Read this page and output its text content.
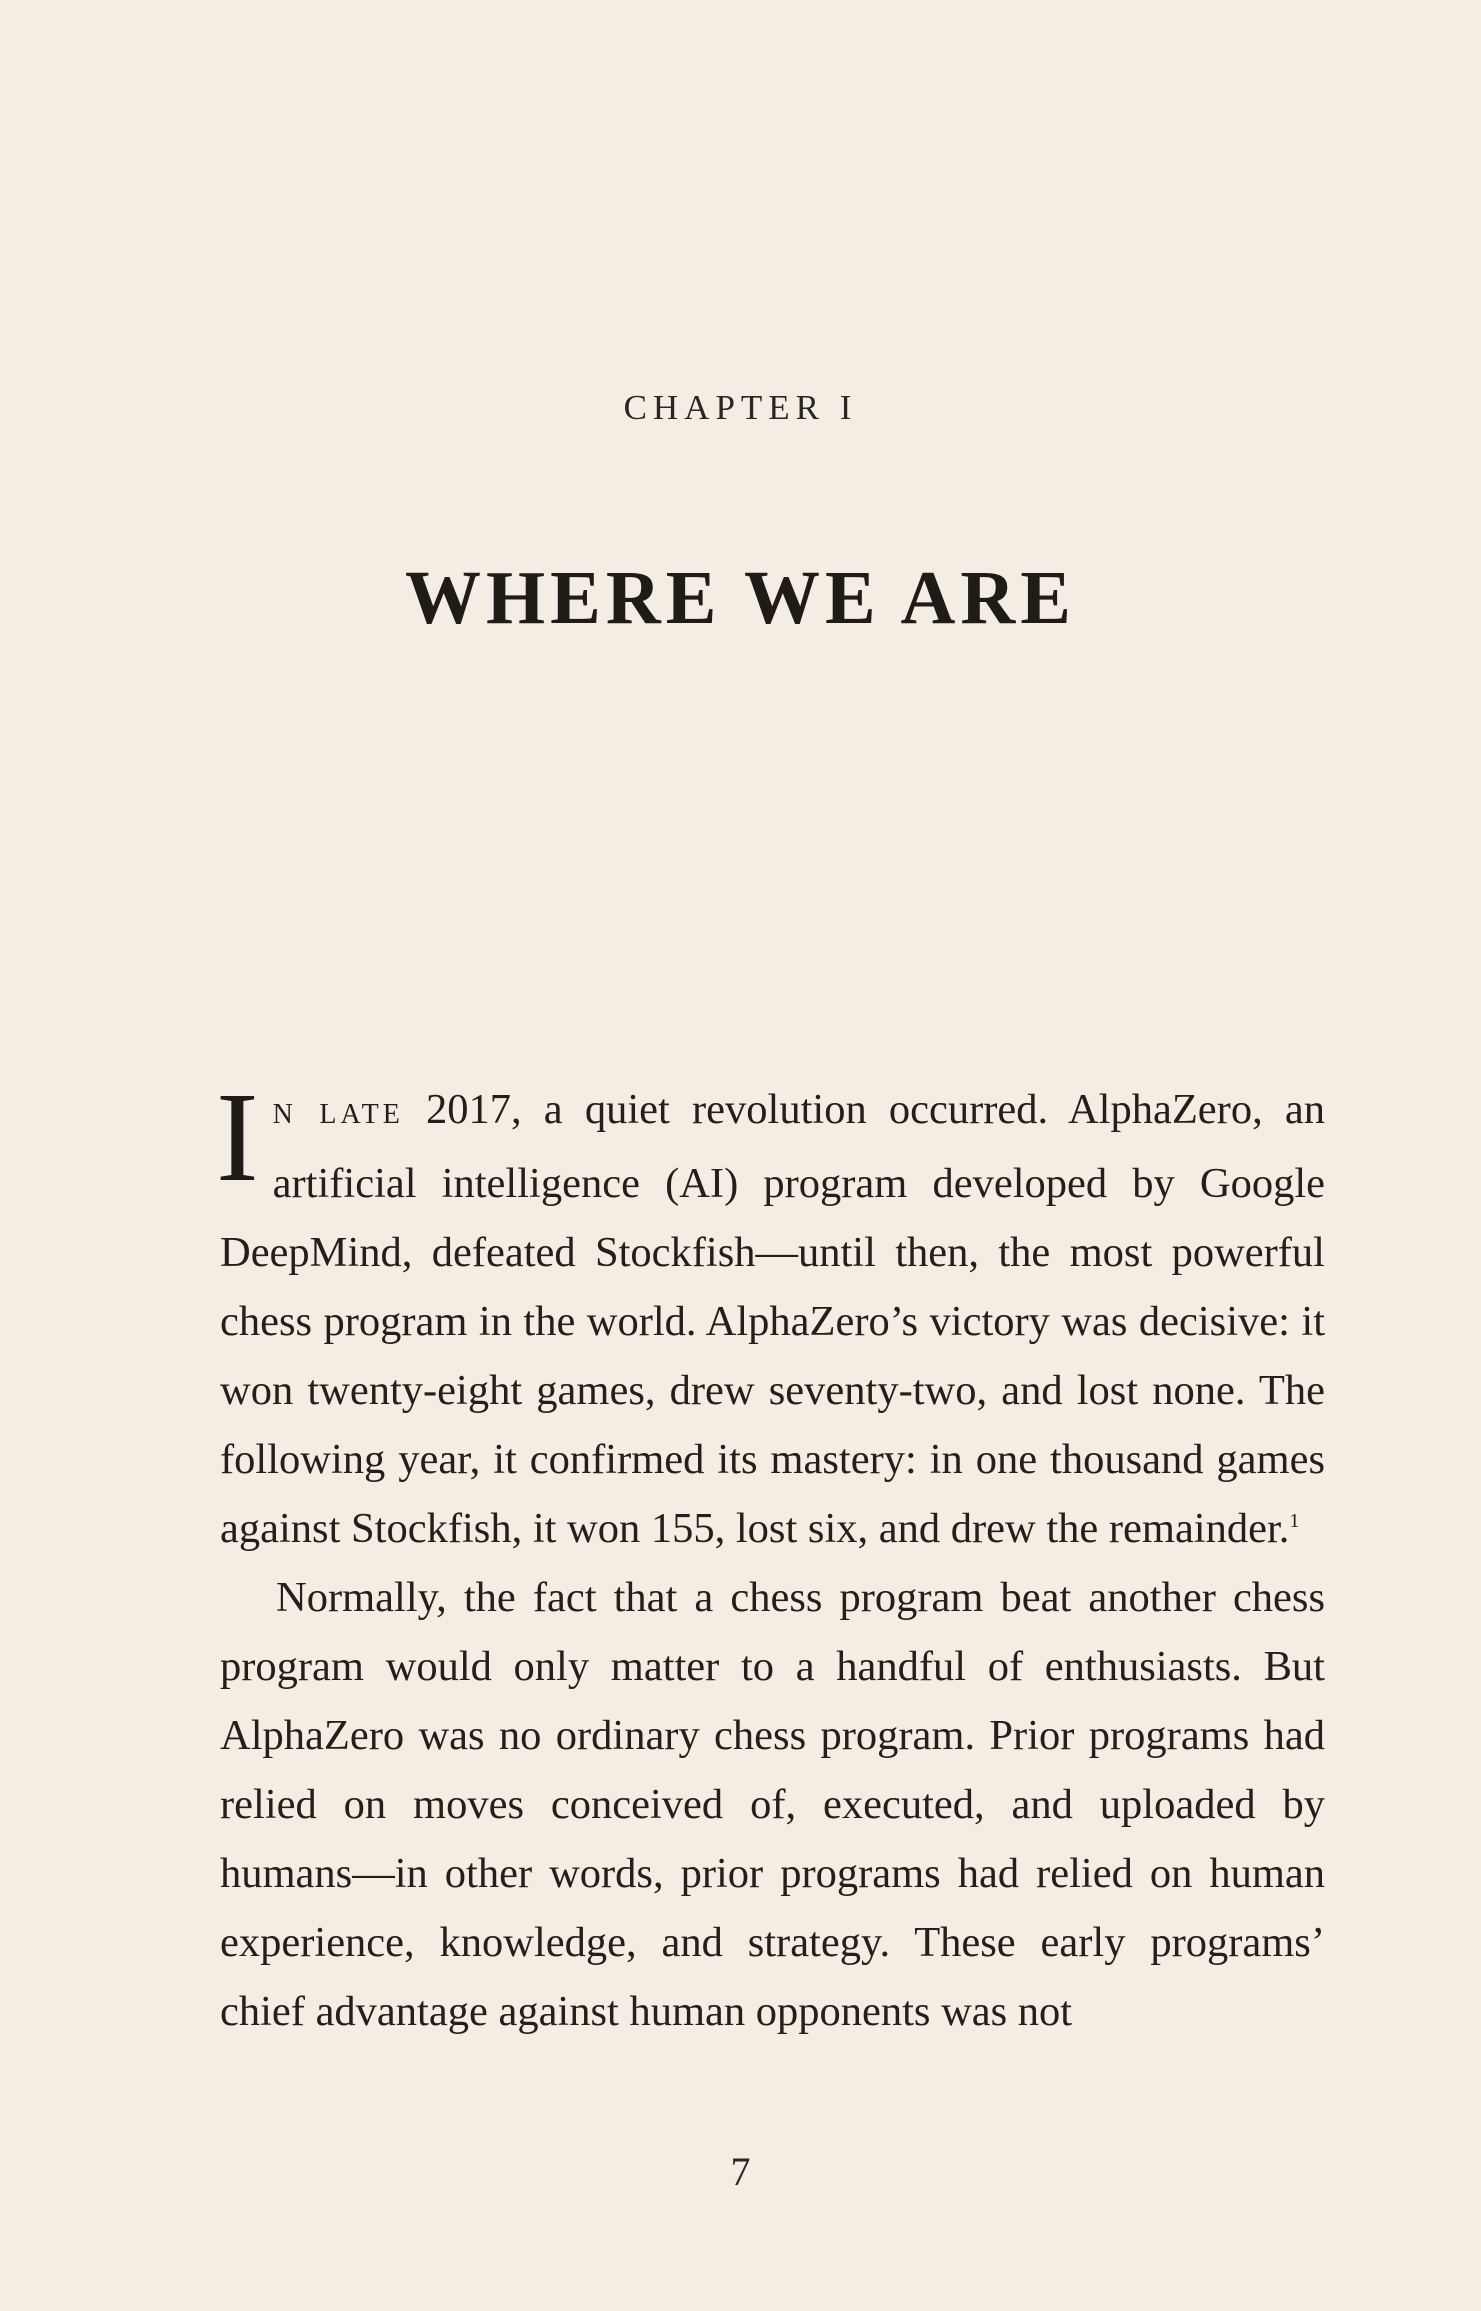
CHAPTER I
WHERE WE ARE

I N LATE 2017, a quiet revolution occurred. AlphaZero, an artificial intelligence (AI) program developed by Google DeepMind, defeated Stockfish—until then, the most powerful chess program in the world. AlphaZero’s victory was decisive: it won twenty-eight games, drew seventy-two, and lost none. The following year, it confirmed its mastery: in one thousand games against Stockfish, it won 155, lost six, and drew the remainder.$^1$

Normally, the fact that a chess program beat another chess program would only matter to a handful of enthusiasts. But AlphaZero was no ordinary chess program. Prior programs had relied on moves conceived of, executed, and uploaded by humans—in other words, prior programs had relied on human experience, knowledge, and strategy. These early programs’ chief advantage against human opponents was not

7
